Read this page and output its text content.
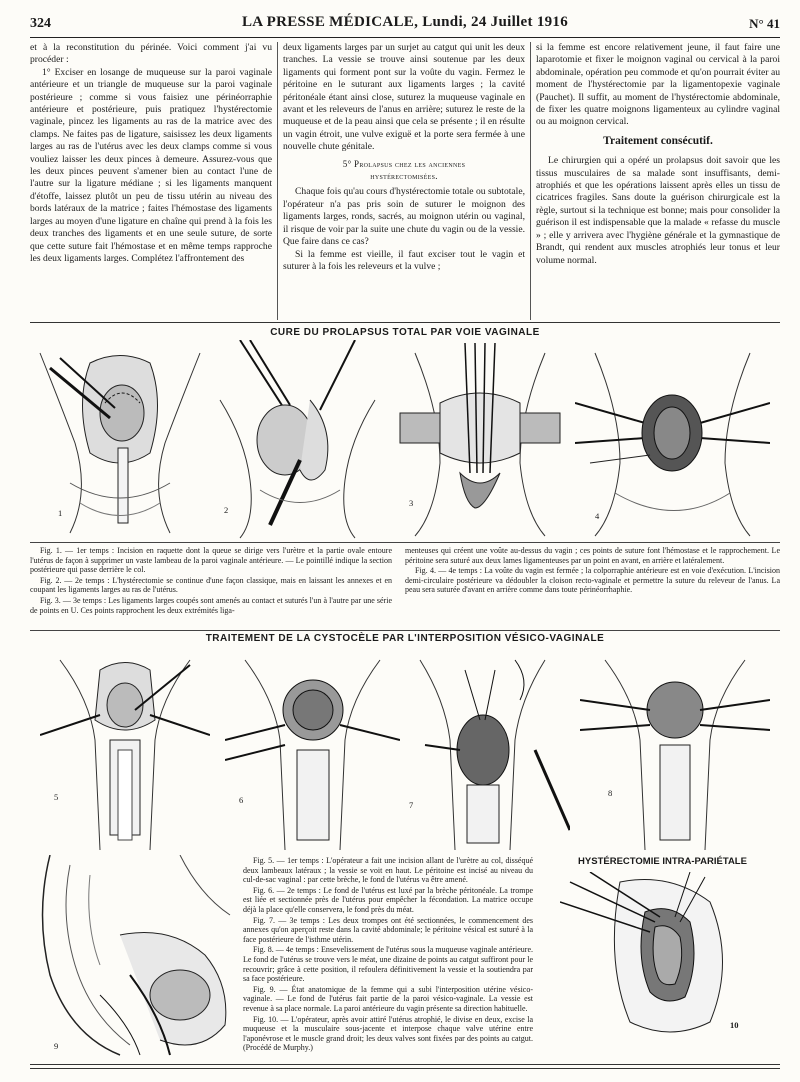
324	LA PRESSE MÉDICALE, Lundi, 24 Juillet 1916	N° 41

et à la reconstitution du périnée. Voici comment j'ai vu procéder :

1° Exciser en losange de muqueuse sur la paroi vaginale antérieure et un triangle de muqueuse sur la paroi vaginale postérieure ; comme si vous faisiez une périnéorraphie antérieure et postérieure, puis pratiquez l'hystérectomie vaginale, pincez les ligaments au ras de la matrice avec des clamps. Ne faites pas de ligature, saisissez les deux ligaments larges au ras de l'utérus avec les deux clamps comme si vous vouliez laisser les deux pinces à demeure. Assurez-vous que les deux pinces peuvent s'amener bien au contact l'une de l'autre sur la ligature médiane ; si les ligaments manquent d'étoffe, laissez plutôt un peu de tissu utérin au niveau des bords latéraux de la matrice ; faites l'hémostase des ligaments larges au moyen d'une ligature en chaîne qui prend à la fois les deux tranches des ligaments et en une seule suture, de sorte que cette suture fait l'hémostase et en même temps rapproche les deux ligaments larges. Complétez l'affrontement des

deux ligaments larges par un surjet au catgut qui unit les deux tranches. La vessie se trouve ainsi soutenue par les deux ligaments qui forment pont sur la voûte du vagin. Fermez le péritoine en le suturant aux ligaments larges ; la cavité péritonéale étant ainsi close, suturez la muqueuse vaginale en avant et les releveurs de l'anus en arrière; suturez le reste de la muqueuse et de la peau ainsi que cela se présente ; il en résulte un vagin étroit, une vulve exiguë et la porte sera fermée à une nouvelle chute génitale.

5° Prolapsus chez les anciennes
hystérectomisées.

Chaque fois qu'au cours d'hystérectomie totale ou subtotale, l'opérateur n'a pas pris soin de suturer le moignon des ligaments larges, ronds, sacrés, au moignon utérin ou vaginal, il risque de voir par la suite une chute du vagin ou de la vessie. Que faire dans ce cas?

Si la femme est vieille, il faut exciser tout le vagin et suturer à la fois les releveurs et la vulve ;

si la femme est encore relativement jeune, il faut faire une laparotomie et fixer le moignon vaginal ou cervical à la paroi abdominale, opération peu commode et qu'on pourrait éviter au moment de l'hystérectomie par la ligamentopexie vaginale (Pauchet). Il suffit, au moment de l'hystérectomie abdominale, de fixer les quatre moignons ligamenteux au cylindre vaginal ou au moignon cervical.

Traitement consécutif.

Le chirurgien qui a opéré un prolapsus doit savoir que les tissus musculaires de sa malade sont insuffisants, demi-atrophiés et que les opérations laissent après elles un tissu de cicatrices fragiles. Sans doute la guérison chirurgicale est la règle, surtout si la technique est bonne; mais pour consolider la guérison il est indispensable que la malade « refasse du muscle » ; elle y arrivera avec l'hygiène générale et la gymnastique de Brandt, qui rendent aux muscles atrophiés leur tonus et leur volume normal.

CURE DU PROLAPSUS TOTAL PAR VOIE VAGINALE
1	2
3
4

Fig. 1. — 1er temps : Incision en raquette dont la queue se dirige vers l'urètre et la partie ovale entoure l'utérus de façon à supprimer un vaste lambeau de la paroi vaginale antérieure. — Le pointillé indique la section postérieure qui passe derrière le col.

Fig. 2. — 2e temps : L'hystérectomie se continue d'une façon classique, mais en laissant les annexes et en coupant les ligaments larges au ras de l'utérus.

Fig. 3. — 3e temps : Les ligaments larges coupés sont amenés au contact et suturés l'un à l'autre par une série de points en U. Ces points rapprochent les deux extrémités liga-

menteuses qui créent une voûte au-dessus du vagin ; ces points de suture font l'hémostase et le rapprochement. Le péritoine sera suturé aux deux lames ligamenteuses par un point en avant, en arrière et latéralement.

Fig. 4. — 4e temps : La voûte du vagin est fermée ; la colporraphie antérieure est en voie d'exécution. L'incision demi-circulaire postérieure va dédoubler la cloison recto-vaginale et permettre la suture du releveur de l'anus. La peau sera suturée d'avant en arrière comme dans toute périnéorrhaphie.

TRAITEMENT DE LA CYSTOCÈLE PAR L'INTERPOSITION VÉSICO-VAGINALE
5	6	7
8
9

Fig. 5. — 1er temps : L'opérateur a fait une incision allant de l'urètre au col, disséqué deux lambeaux latéraux ; la vessie se voit en haut. Le péritoine est incisé au niveau du cul-de-sac vaginal : par cette brèche, le fond de l'utérus va être amené.

Fig. 6. — 2e temps : Le fond de l'utérus est luxé par la brèche péritonéale. La trompe est liée et sectionnée près de l'utérus pour empêcher la fécondation. La matrice occupe déjà la place qu'elle conservera, le fond près du méat.

Fig. 7. — 3e temps : Les deux trompes ont été sectionnées, le commencement des annexes qu'on aperçoit reste dans la cavité abdominale; le péritoine vésical est suturé à la face postérieure de l'isthme utérin.

Fig. 8. — 4e temps : Ensevelissement de l'utérus sous la muqueuse vaginale antérieure. Le fond de l'utérus se trouve vers le méat, une dizaine de points au catgut suffiront pour le recouvrir; grâce à cette position, il refoulera définitivement la vessie et la soutiendra par sa face postérieure.

Fig. 9. — État anatomique de la femme qui a subi l'interposition utérine vésico-vaginale. — Le fond de l'utérus fait partie de la paroi vésico-vaginale. La vessie est revenue à sa place normale. La paroi antérieure du vagin présente sa direction habituelle.

Fig. 10. — L'opérateur, après avoir attiré l'utérus atrophié, le divise en deux, excise la muqueuse et la musculaire sous-jacente et interpose chaque valve utérine entre l'aponévrose et le muscle grand droit; les deux valves sont fixées par des points au catgut. (Procédé de Murphy.)

HYSTÉRECTOMIE INTRA-PARIÉTALE
10
